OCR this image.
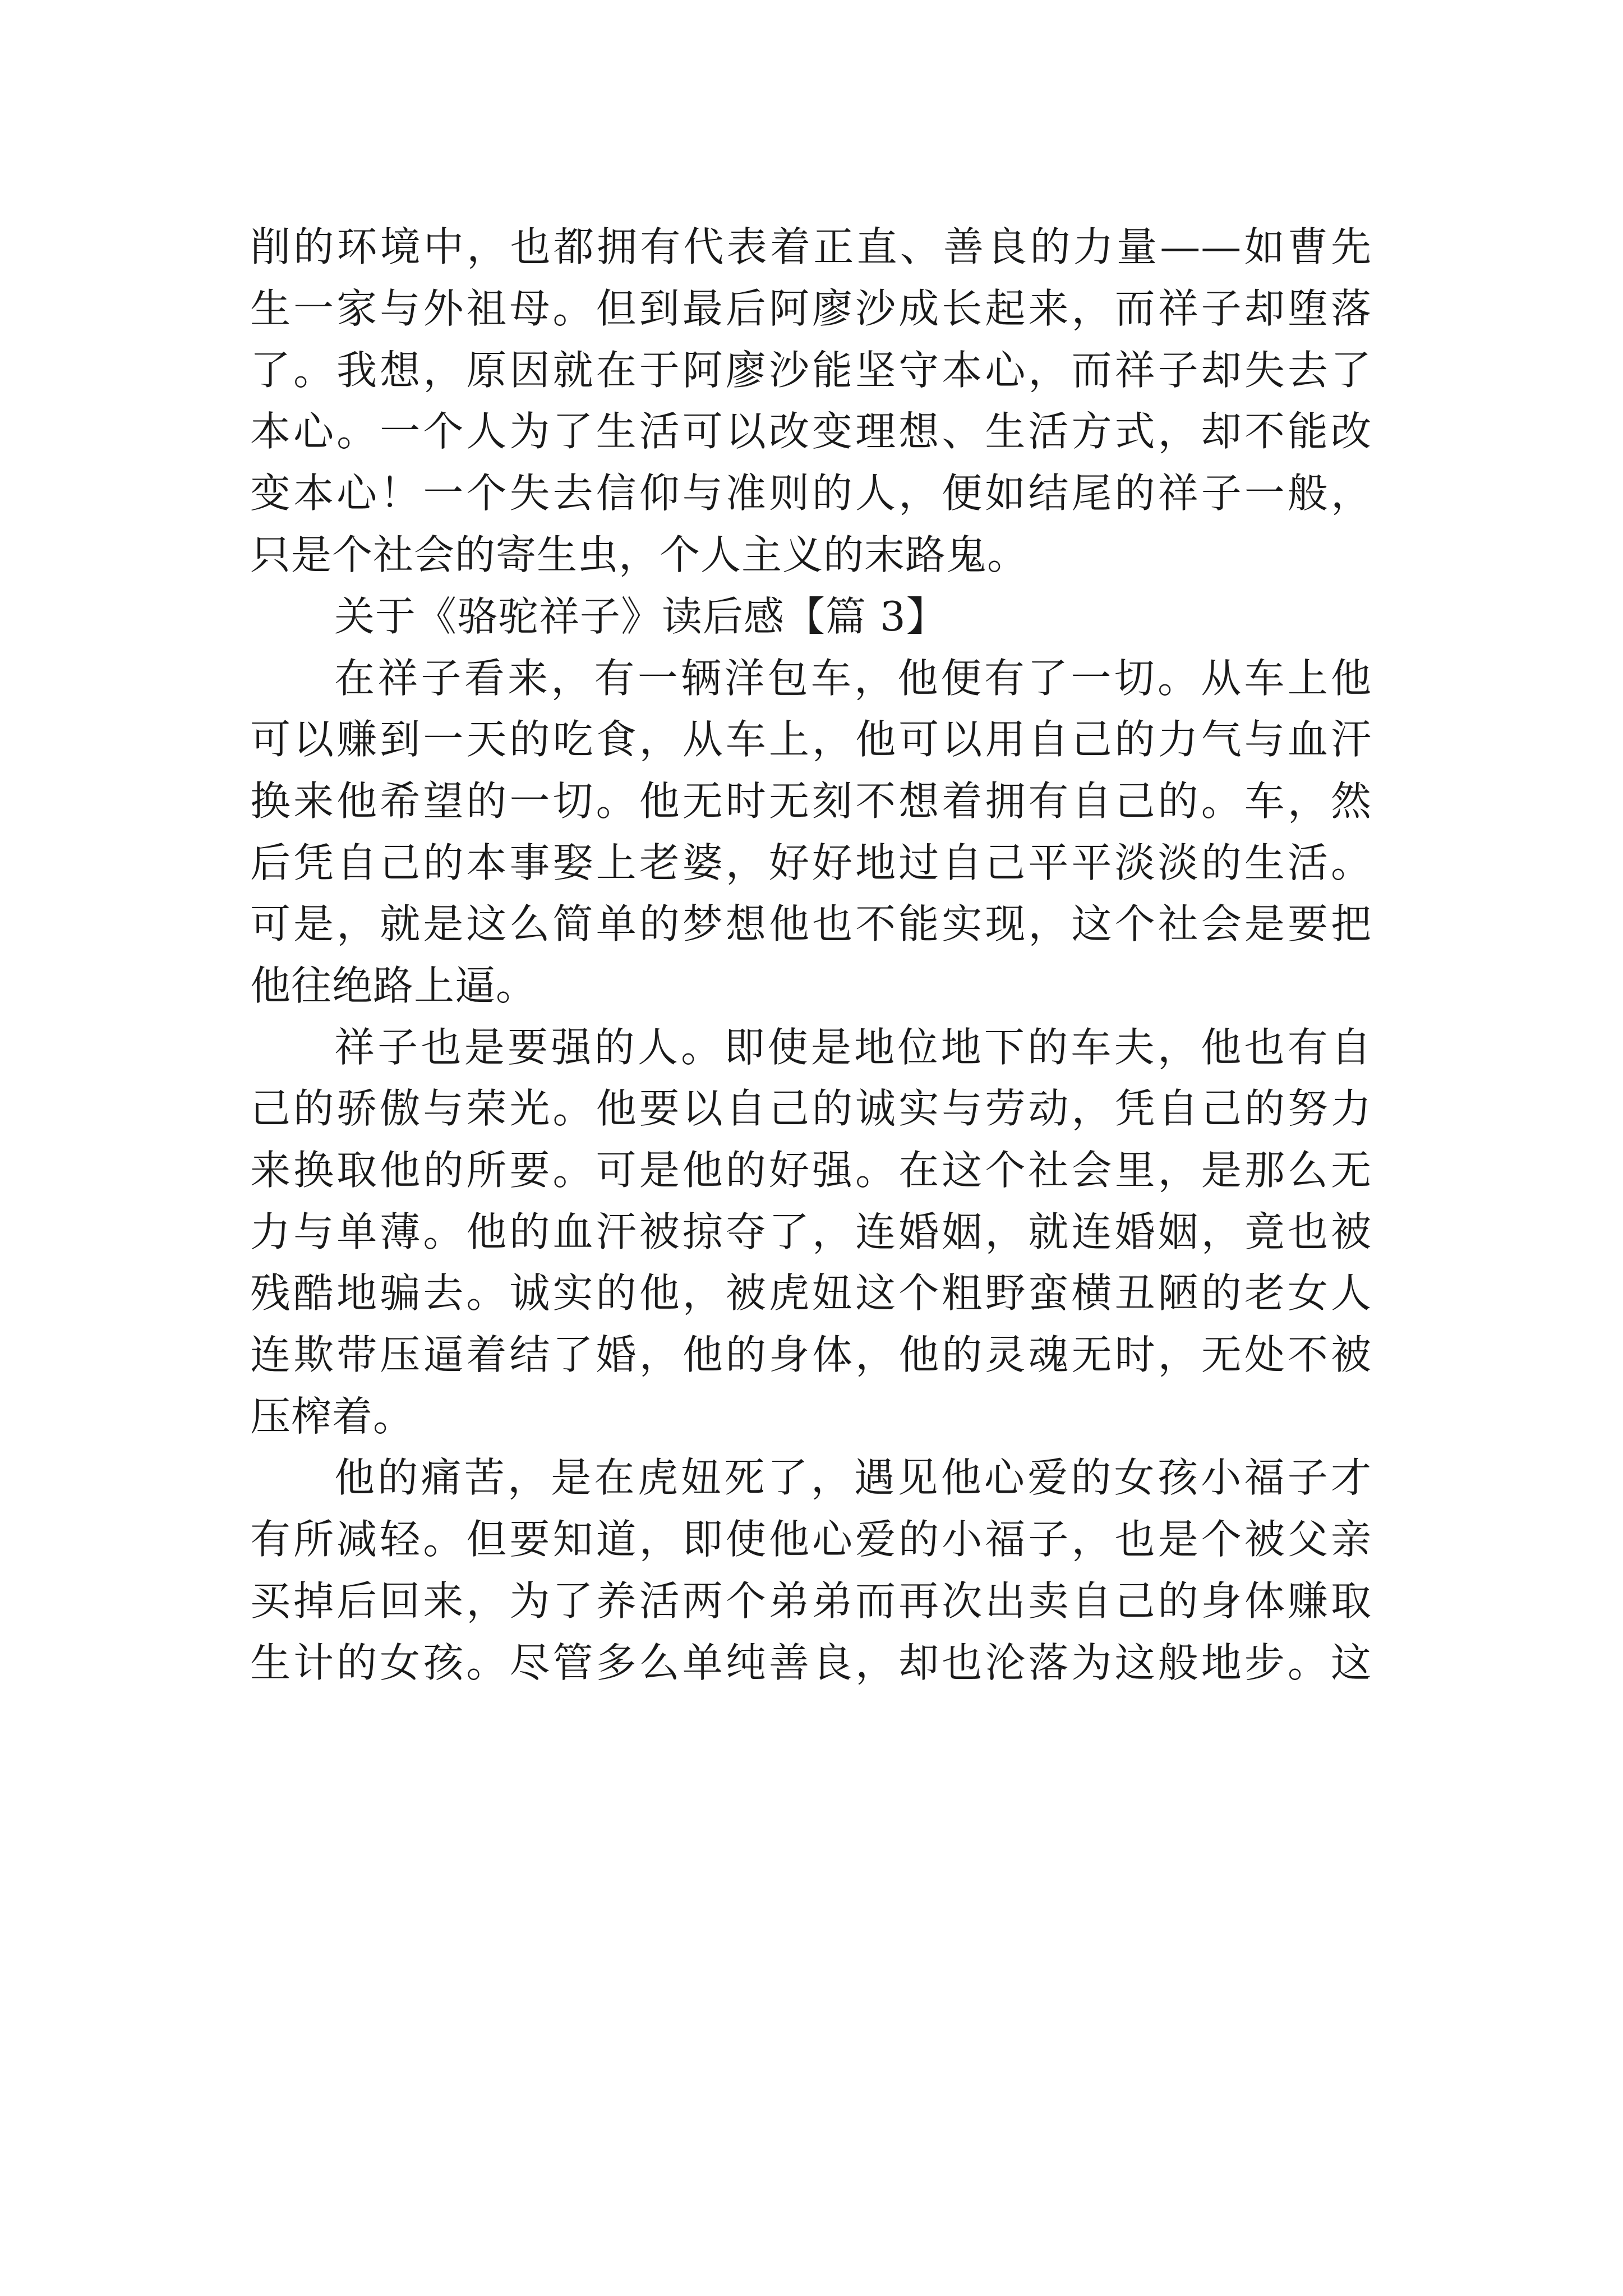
削的环境中，也都拥有代表着正直、善良的力量——如曹先
生一家与外祖母。但到最后阿廖沙成长起来，而祥子却堕落
了。我想，原因就在于阿廖沙能坚守本心，而祥子却失去了
本心。一个人为了生活可以改变理想、生活方式，却不能改
变本心！一个失去信仰与准则的人，便如结尾的祥子一般，
只是个社会的寄生虫，个人主义的末路鬼。
关于《骆驼祥子》读后感【篇 3】
在祥子看来，有一辆洋包车，他便有了一切。从车上他
可以赚到一天的吃食，从车上，他可以用自己的力气与血汗
换来他希望的一切。他无时无刻不想着拥有自己的。车，然
后凭自己的本事娶上老婆，好好地过自己平平淡淡的生活。
可是，就是这么简单的梦想他也不能实现，这个社会是要把
他往绝路上逼。
祥子也是要强的人。即使是地位地下的车夫，他也有自
己的骄傲与荣光。他要以自己的诚实与劳动，凭自己的努力
来换取他的所要。可是他的好强。在这个社会里，是那么无
力与单薄。他的血汗被掠夺了，连婚姻，就连婚姻，竟也被
残酷地骗去。诚实的他，被虎妞这个粗野蛮横丑陋的老女人
连欺带压逼着结了婚，他的身体，他的灵魂无时，无处不被
压榨着。
他的痛苦，是在虎妞死了，遇见他心爱的女孩小福子才
有所减轻。但要知道，即使他心爱的小福子，也是个被父亲
买掉后回来，为了养活两个弟弟而再次出卖自己的身体赚取
生计的女孩。尽管多么单纯善良，却也沦落为这般地步。这
